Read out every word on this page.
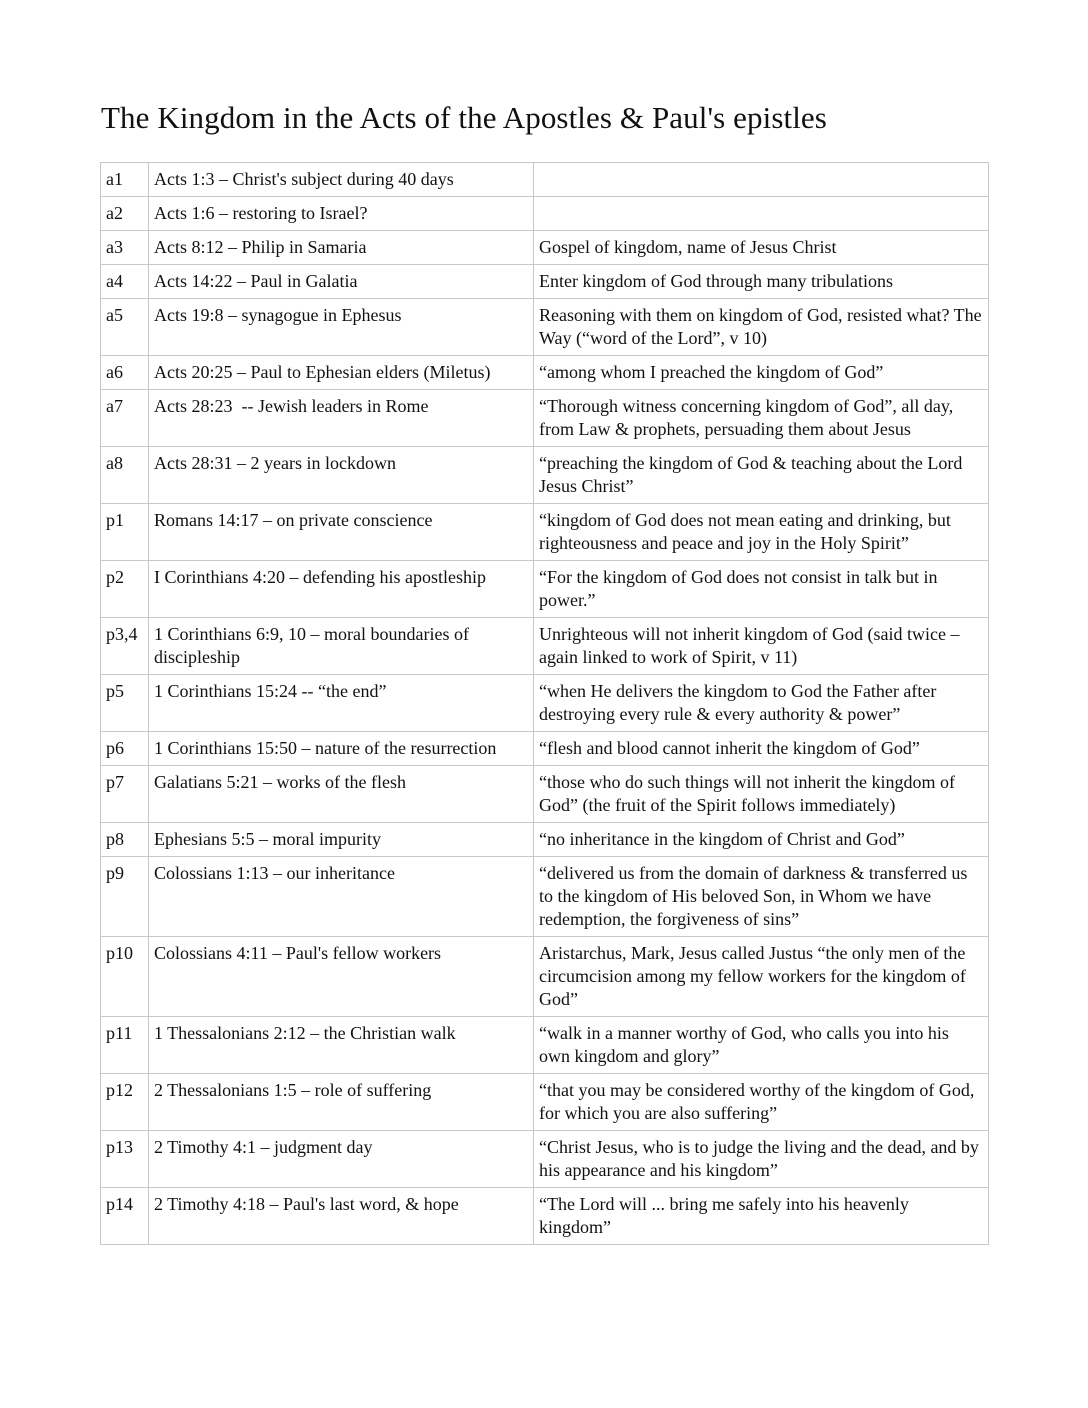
The Kingdom in the Acts of the Apostles & Paul's epistles
a1	Acts 1:3 – Christ's subject during 40 days	
a2	Acts 1:6 – restoring to Israel?	
a3	Acts 8:12 – Philip in Samaria	Gospel of kingdom, name of Jesus Christ
a4	Acts 14:22 – Paul in Galatia	Enter kingdom of God through many tribulations
a5	Acts 19:8 – synagogue in Ephesus	Reasoning with them on kingdom of God, resisted what? The Way (“word of the Lord”, v 10)
a6	Acts 20:25 – Paul to Ephesian elders (Miletus)	“among whom I preached the kingdom of God”
a7	Acts 28:23  -- Jewish leaders in Rome	“Thorough witness concerning kingdom of God”, all day, from Law & prophets, persuading them about Jesus
a8	Acts 28:31 – 2 years in lockdown	“preaching the kingdom of God & teaching about the Lord Jesus Christ”
p1	Romans 14:17 – on private conscience	“kingdom of God does not mean eating and drinking, but righteousness and peace and joy in the Holy Spirit”
p2	I Corinthians 4:20 – defending his apostleship	“For the kingdom of God does not consist in talk but in power.”
p3,4	1 Corinthians 6:9, 10 – moral boundaries of discipleship	Unrighteous will not inherit kingdom of God (said twice – again linked to work of Spirit, v 11)
p5	1 Corinthians 15:24 -- “the end”	“when He delivers the kingdom to God the Father after destroying every rule & every authority & power”
p6	1 Corinthians 15:50 – nature of the resurrection	“flesh and blood cannot inherit the kingdom of God”
p7	Galatians 5:21 – works of the flesh	“those who do such things will not inherit the kingdom of God” (the fruit of the Spirit follows immediately)
p8	Ephesians 5:5 – moral impurity	“no inheritance in the kingdom of Christ and God”
p9	Colossians 1:13 – our inheritance	“delivered us from the domain of darkness & transferred us to the kingdom of His beloved Son, in Whom we have redemption, the forgiveness of sins”
p10	Colossians 4:11 – Paul's fellow workers	Aristarchus, Mark, Jesus called Justus “the only men of the circumcision among my fellow workers for the kingdom of God”
p11	1 Thessalonians 2:12 – the Christian walk	“walk in a manner worthy of God, who calls you into his own kingdom and glory”
p12	2 Thessalonians 1:5 – role of suffering	“that you may be considered worthy of the kingdom of God, for which you are also suffering”
p13	2 Timothy 4:1 – judgment day	“Christ Jesus, who is to judge the living and the dead, and by his appearance and his kingdom”
p14	2 Timothy 4:18 – Paul's last word, & hope	“The Lord will ... bring me safely into his heavenly kingdom”
